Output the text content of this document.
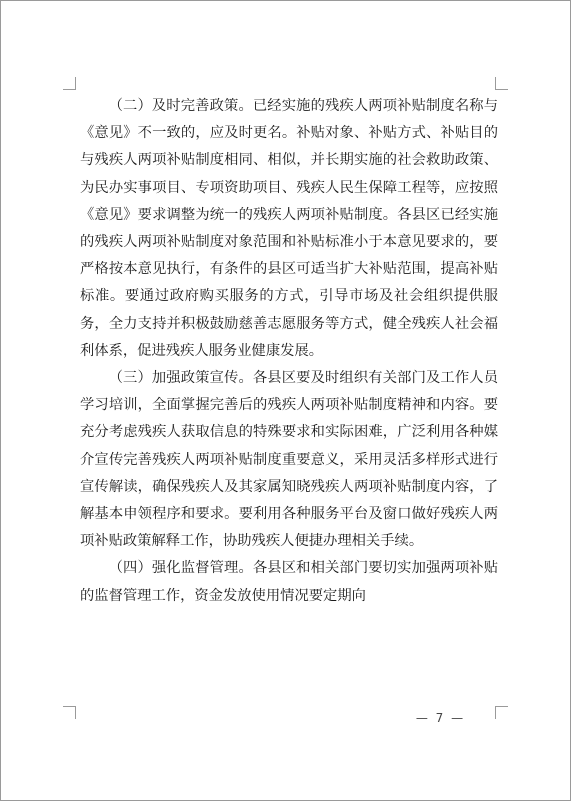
（二）及时完善政策。已经实施的残疾人两项补贴制度名称与《意见》不一致的，应及时更名。补贴对象、补贴方式、补贴目的与残疾人两项补贴制度相同、相似，并长期实施的社会救助政策、为民办实事项目、专项资助项目、残疾人民生保障工程等，应按照《意见》要求调整为统一的残疾人两项补贴制度。各县区已经实施的残疾人两项补贴制度对象范围和补贴标准小于本意见要求的，要严格按本意见执行，有条件的县区可适当扩大补贴范围，提高补贴标准。要通过政府购买服务的方式，引导市场及社会组织提供服务，全力支持并积极鼓励慈善志愿服务等方式，健全残疾人社会福利体系，促进残疾人服务业健康发展。

（三）加强政策宣传。各县区要及时组织有关部门及工作人员学习培训，全面掌握完善后的残疾人两项补贴制度精神和内容。要充分考虑残疾人获取信息的特殊要求和实际困难，广泛利用各种媒介宣传完善残疾人两项补贴制度重要意义，采用灵活多样形式进行宣传解读，确保残疾人及其家属知晓残疾人两项补贴制度内容，了解基本申领程序和要求。要利用各种服务平台及窗口做好残疾人两项补贴政策解释工作，协助残疾人便捷办理相关手续。

（四）强化监督管理。各县区和相关部门要切实加强两项补贴的监督管理工作，资金发放使用情况要定期向

— 7 —
